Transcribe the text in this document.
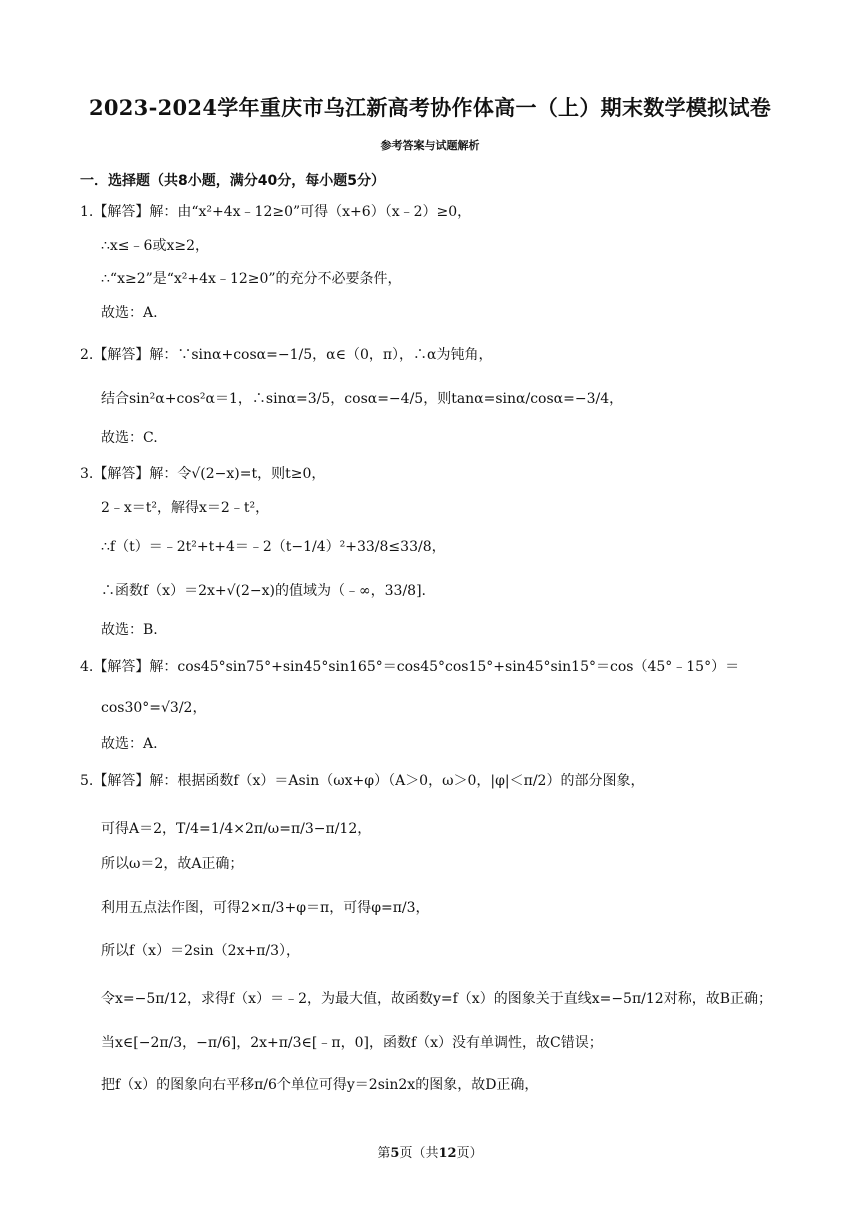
2023-2024学年重庆市乌江新高考协作体高一（上）期末数学模拟试卷
参考答案与试题解析
一．选择题（共8小题，满分40分，每小题5分）
1.【解答】解：由“x²+4x﹣12≥0”可得（x+6）（x﹣2）≥0，
∴x≤﹣6或x≥2，
∴“x≥2”是“x²+4x﹣12≥0”的充分不必要条件，
故选：A.
2.【解答】解：∵sinα+cosα=−1/5，α∈（0，π），∴α为钝角，
结合sin²α+cos²α＝1，∴sinα=3/5，cosα=−4/5，则tanα=sinα/cosα=−3/4，
故选：C.
3.【解答】解：令√(2−x)=t，则t≥0，
2﹣x＝t²，解得x＝2﹣t²，
∴f（t）＝﹣2t²+t+4＝﹣2（t−1/4）²+33/8≤33/8，
∴函数f（x）＝2x+√(2−x)的值域为（﹣∞，33/8].
故选：B.
4.【解答】解：cos45°sin75°+sin45°sin165°＝cos45°cos15°+sin45°sin15°＝cos（45°﹣15°）＝
cos30°=√3/2，
故选：A.
5.【解答】解：根据函数f（x）＝Asin（ωx+φ）（A＞0，ω＞0，|φ|＜π/2）的部分图象，
可得A＝2，T/4=1/4×2π/ω=π/3−π/12，
所以ω＝2，故A正确；
利用五点法作图，可得2×π/3+φ＝π，可得φ=π/3，
所以f（x）＝2sin（2x+π/3），
令x=−5π/12，求得f（x）＝﹣2，为最大值，故函数y=f（x）的图象关于直线x=−5π/12对称，故B正确；
当x∈[−2π/3，−π/6]，2x+π/3∈[﹣π，0]，函数f（x）没有单调性，故C错误；
把f（x）的图象向右平移π/6个单位可得y＝2sin2x的图象，故D正确，
第5页（共12页）
